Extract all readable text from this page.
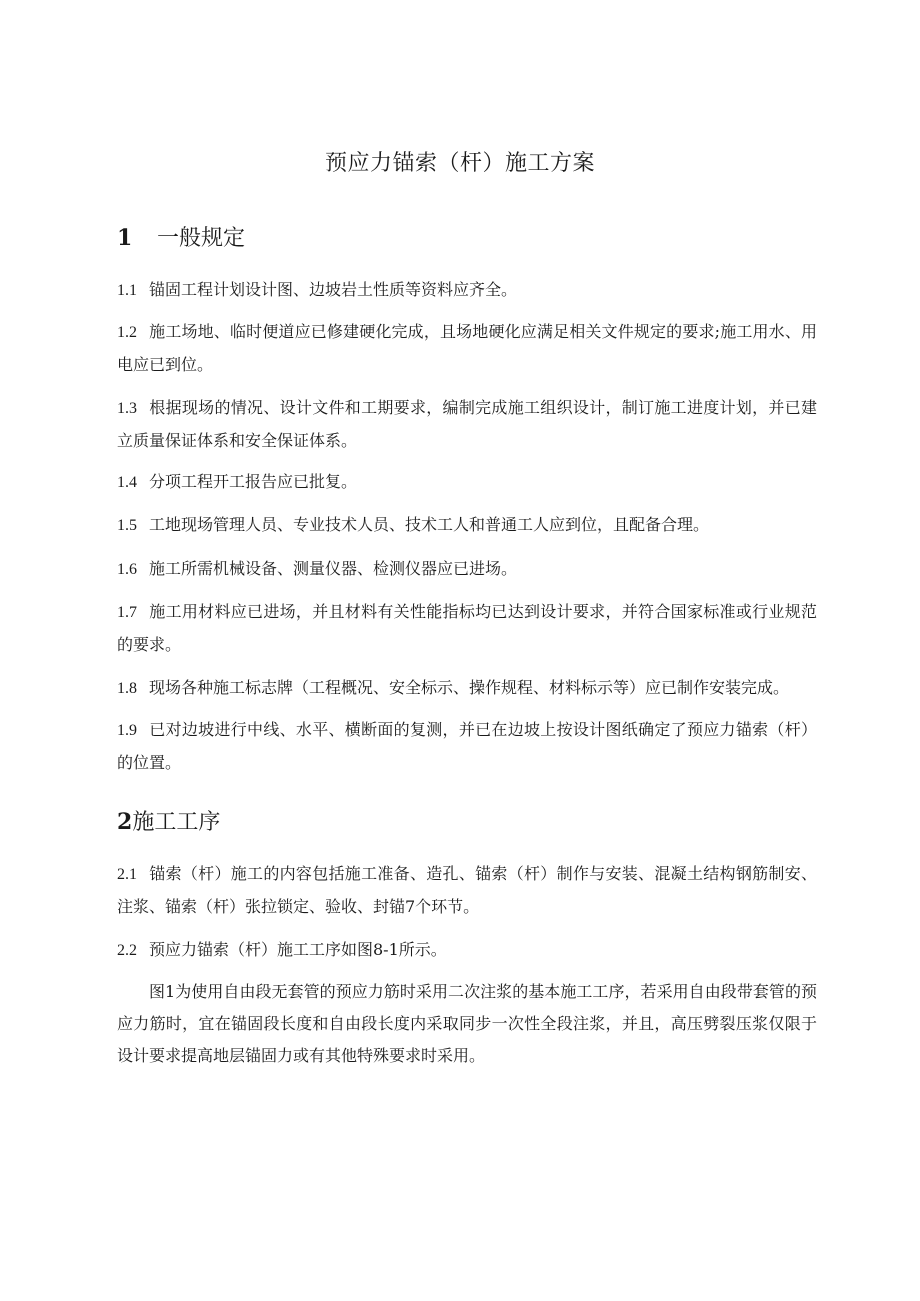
预应力锚索（杆）施工方案
1 一般规定

1.1 锚固工程计划设计图、边坡岩土性质等资料应齐全。

1.2 施工场地、临时便道应已修建硬化完成，且场地硬化应满足相关文件规定的要求;施工用水、用电应已到位。

1.3 根据现场的情况、设计文件和工期要求，编制完成施工组织设计，制订施工进度计划，并已建立质量保证体系和安全保证体系。

1.4 分项工程开工报告应已批复。

1.5 工地现场管理人员、专业技术人员、技术工人和普通工人应到位，且配备合理。

1.6 施工所需机械设备、测量仪器、检测仪器应已进场。

1.7 施工用材料应已进场，并且材料有关性能指标均已达到设计要求，并符合国家标准或行业规范的要求。

1.8 现场各种施工标志牌（工程概况、安全标示、操作规程、材料标示等）应已制作安装完成。

1.9 已对边坡进行中线、水平、横断面的复测，并已在边坡上按设计图纸确定了预应力锚索（杆）的位置。

2施工工序

2.1 锚索（杆）施工的内容包括施工准备、造孔、锚索（杆）制作与安装、混凝土结构钢筋制安、注浆、锚索（杆）张拉锁定、验收、封锚7个环节。

2.2 预应力锚索（杆）施工工序如图8-1所示。

图1为使用自由段无套管的预应力筋时采用二次注浆的基本施工工序，若采用自由段带套管的预应力筋时，宜在锚固段长度和自由段长度内采取同步一次性全段注浆，并且，高压劈裂压浆仅限于设计要求提高地层锚固力或有其他特殊要求时采用。
